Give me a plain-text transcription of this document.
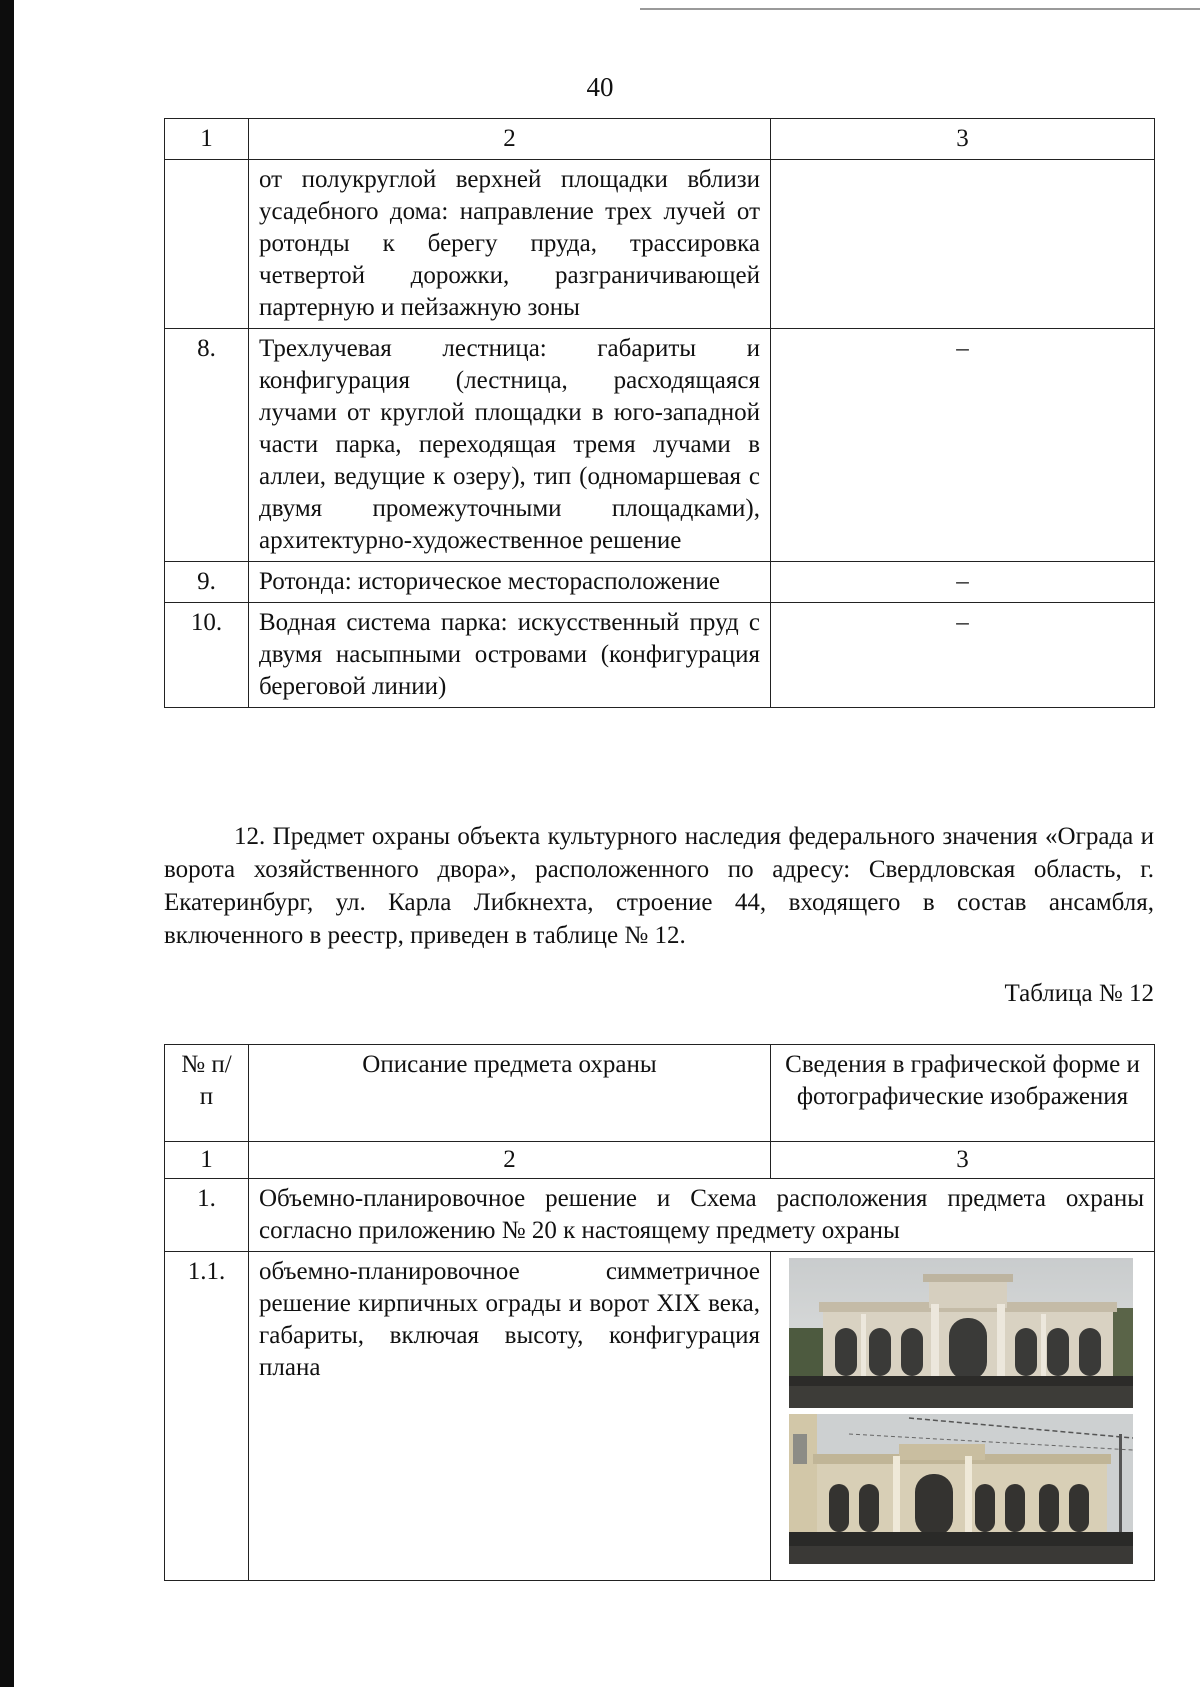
40
1	2	3
	от полукруглой верхней площадки вблизи усадебного дома: направление трех лучей от ротонды к берегу пруда, трассировка четвертой дорожки, разграничивающей партерную и пейзажную зоны	
8.	Трехлучевая лестница: габариты и конфигурация (лестница, расходящаяся лучами от круглой площадки в юго-западной части парка, переходящая тремя лучами в аллеи, ведущие к озеру), тип (одномаршевая с двумя промежуточными площадками), архитектурно-художественное решение	–
9.	Ротонда: историческое месторасположение	–
10.	Водная система парка: искусственный пруд с двумя насыпными островами (конфигурация береговой линии)	–

12. Предмет охраны объекта культурного наследия федерального значения «Ограда и ворота хозяйственного двора», расположенного по адресу: Свердловская область, г. Екатеринбург, ул. Карла Либкнехта, строение 44, входящего в состав ансамбля, включенного в реестр, приведен в таблице № 12.

Таблица № 12

№ п/п	Описание предмета охраны	Сведения в графической форме и фотографические изображения
1	2	3
1.	Объемно-планировочное решение и Схема расположения предмета охраны согласно приложению № 20 к настоящему предмету охраны	
1.1.	объемно-планировочное симметричное решение кирпичных ограды и ворот XIX века, габариты, включая высоту, конфигурация плана	
